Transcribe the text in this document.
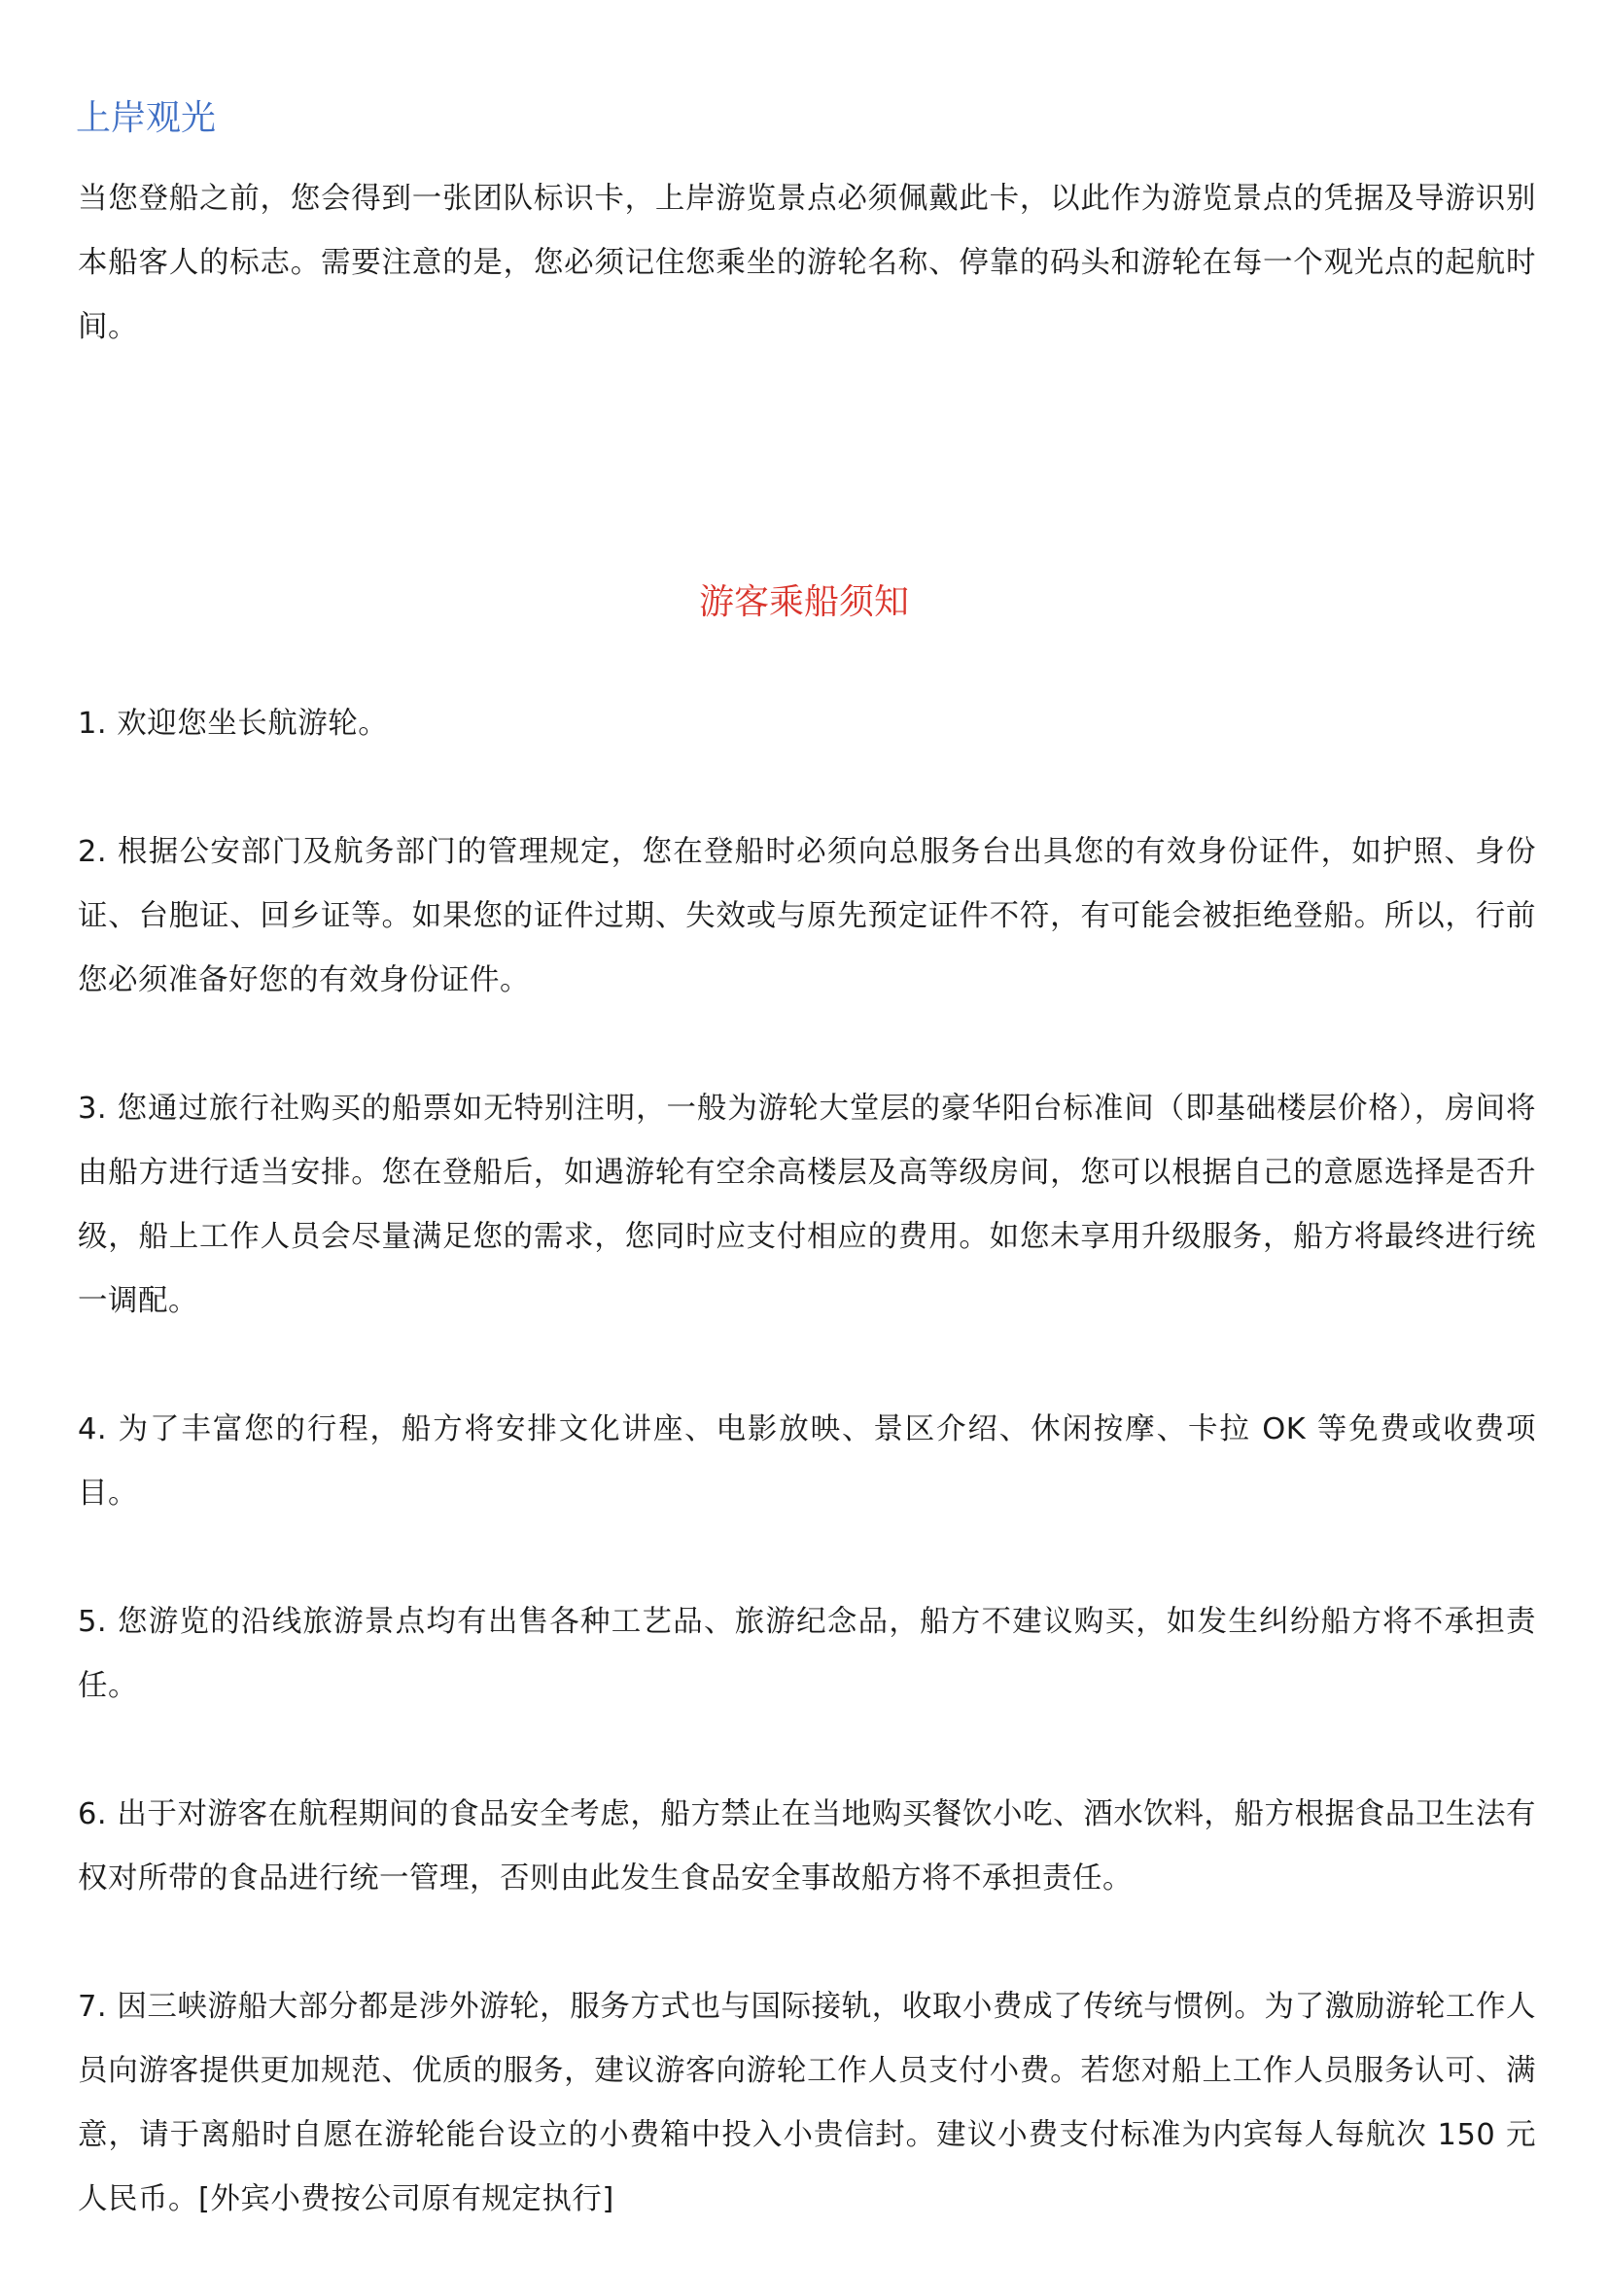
上岸观光

当您登船之前，您会得到一张团队标识卡，上岸游览景点必须佩戴此卡，以此作为游览景点的凭据及导游识别本船客人的标志。需要注意的是，您必须记住您乘坐的游轮名称、停靠的码头和游轮在每一个观光点的起航时间。

游客乘船须知
1. 欢迎您坐长航游轮。
2. 根据公安部门及航务部门的管理规定，您在登船时必须向总服务台出具您的有效身份证件，如护照、身份证、台胞证、回乡证等。如果您的证件过期、失效或与原先预定证件不符，有可能会被拒绝登船。所以，行前您必须准备好您的有效身份证件。
3. 您通过旅行社购买的船票如无特别注明，一般为游轮大堂层的豪华阳台标准间（即基础楼层价格），房间将由船方进行适当安排。您在登船后，如遇游轮有空余高楼层及高等级房间，您可以根据自己的意愿选择是否升级，船上工作人员会尽量满足您的需求，您同时应支付相应的费用。如您未享用升级服务，船方将最终进行统一调配。
4. 为了丰富您的行程，船方将安排文化讲座、电影放映、景区介绍、休闲按摩、卡拉 OK 等免费或收费项目。
5. 您游览的沿线旅游景点均有出售各种工艺品、旅游纪念品，船方不建议购买，如发生纠纷船方将不承担责任。
6. 出于对游客在航程期间的食品安全考虑，船方禁止在当地购买餐饮小吃、酒水饮料，船方根据食品卫生法有权对所带的食品进行统一管理，否则由此发生食品安全事故船方将不承担责任。
7. 因三峡游船大部分都是涉外游轮，服务方式也与国际接轨，收取小费成了传统与惯例。为了激励游轮工作人员向游客提供更加规范、优质的服务，建议游客向游轮工作人员支付小费。若您对船上工作人员服务认可、满意，请于离船时自愿在游轮能台设立的小费箱中投入小贵信封。建议小费支付标准为内宾每人每航次 150 元人民币。[外宾小费按公司原有规定执行]
